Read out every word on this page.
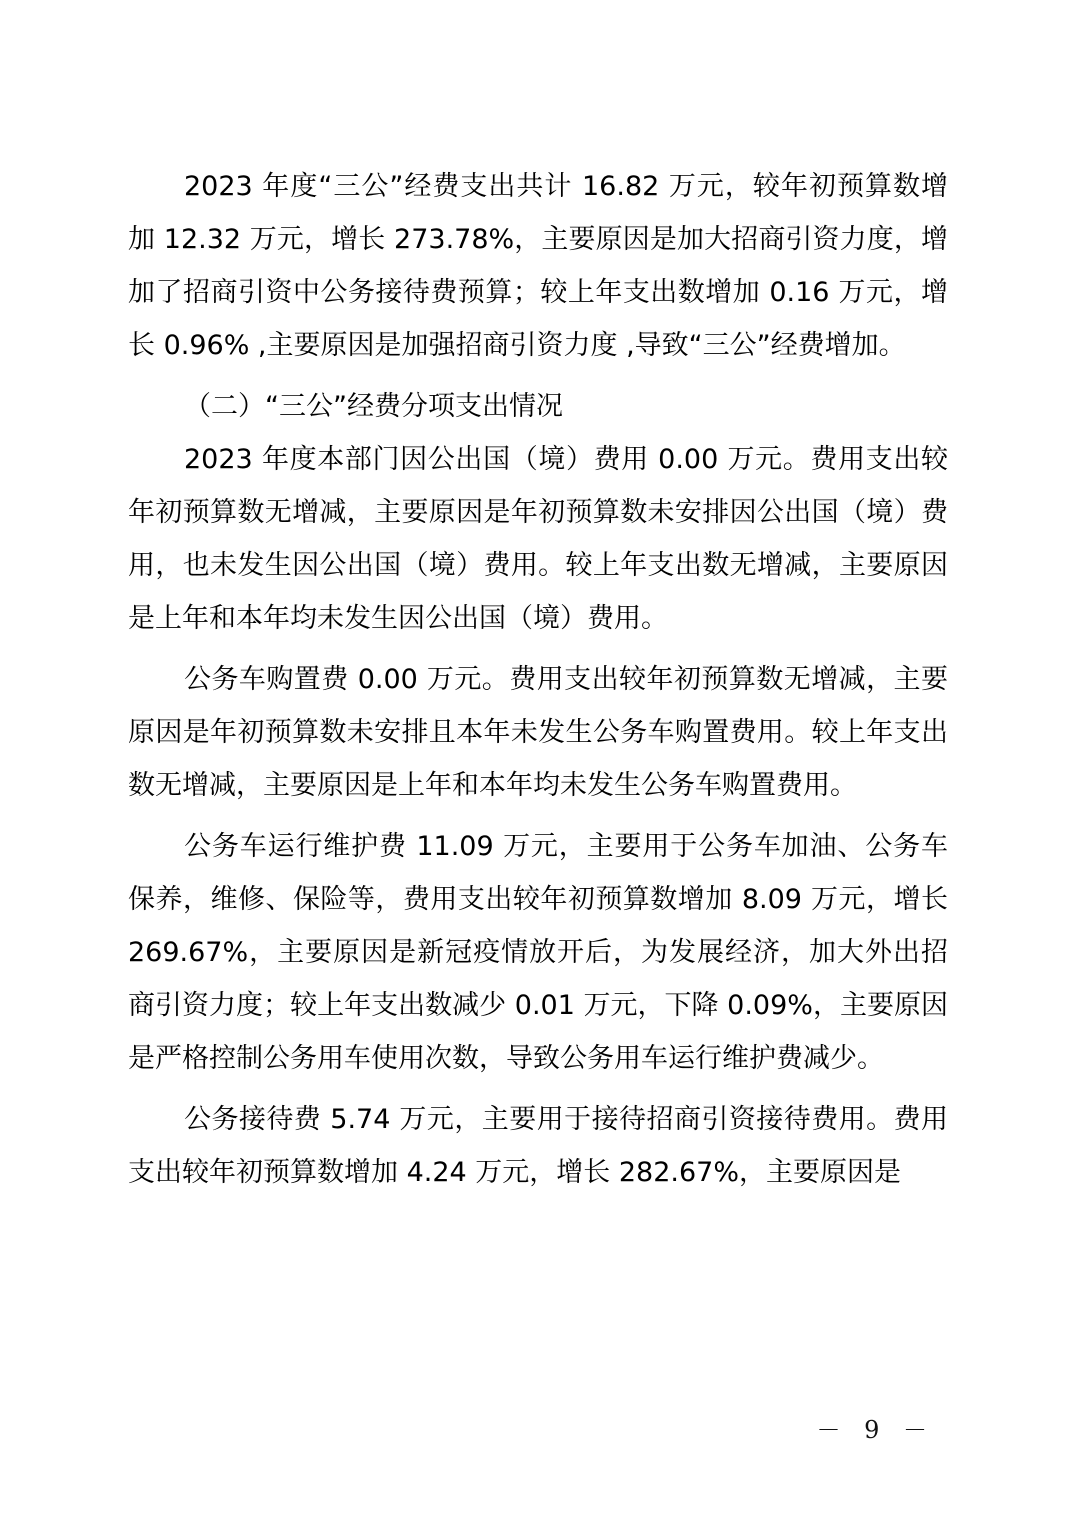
2023 年度“三公”经费支出共计 16.82 万元，较年初预算数增加 12.32 万元，增长 273.78%，主要原因是加大招商引资力度，增加了招商引资中公务接待费预算；较上年支出数增加 0.16 万元，增长 0.96% ,主要原因是加强招商引资力度 ,导致“三公”经费增加。

（二）“三公”经费分项支出情况

2023 年度本部门因公出国（境）费用 0.00 万元。费用支出较年初预算数无增减，主要原因是年初预算数未安排因公出国（境）费用，也未发生因公出国（境）费用。较上年支出数无增减，主要原因是上年和本年均未发生因公出国（境）费用。

公务车购置费 0.00 万元。费用支出较年初预算数无增减，主要原因是年初预算数未安排且本年未发生公务车购置费用。较上年支出数无增减，主要原因是上年和本年均未发生公务车购置费用。

公务车运行维护费 11.09 万元，主要用于公务车加油、公务车保养，维修、保险等，费用支出较年初预算数增加 8.09 万元，增长 269.67%，主要原因是新冠疫情放开后，为发展经济，加大外出招商引资力度；较上年支出数减少 0.01 万元，下降 0.09%，主要原因是严格控制公务用车使用次数，导致公务用车运行维护费减少。

公务接待费 5.74 万元，主要用于接待招商引资接待费用。费用支出较年初预算数增加 4.24 万元，增长 282.67%，主要原因是

－ 9 －
